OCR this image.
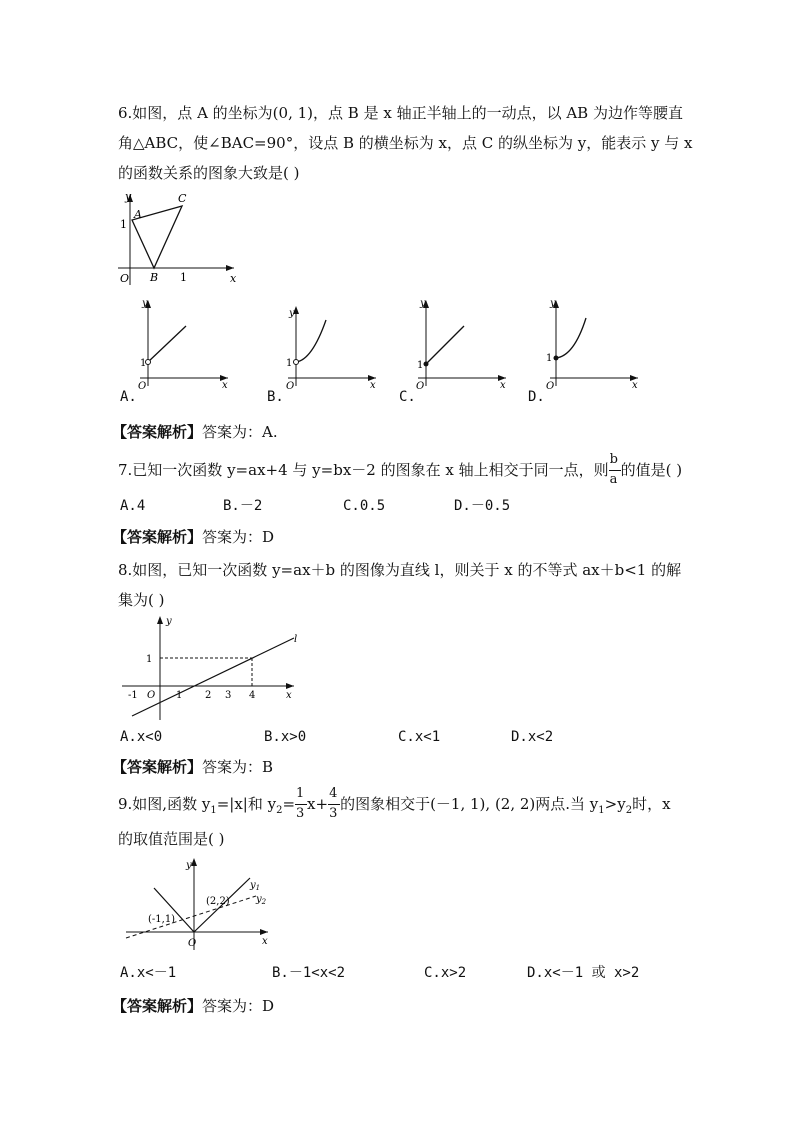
6.如图，点 A 的坐标为(0, 1)，点 B 是 x 轴正半轴上的一动点，以 AB 为边作等腰直
角△ABC，使∠BAC=90°，设点 B 的横坐标为 x，点 C 的纵坐标为 y，能表示 y 与 x
的函数关系的图象大致是( )
y
x
O
A
B
C
1
1
y
x
O
1
y
x
O
1
y
x
O
1
y
x
O
1
A.	B.	C.	D.
【答案解析】答案为：A.
7.已知一次函数 y=ax+4 与 y=bx－2 的图象在 x 轴上相交于同一点，则 $\frac{b}{a}$ 的值是( )
A.4	B.－2	C.0.5	D.－0.5
【答案解析】答案为：D
8.如图，已知一次函数 y=ax＋b 的图像为直线 l，则关于 x 的不等式 ax＋b<1 的解
集为( )
y
x
l
1
-1 O 1 2 3 4
A.x<0	B.x>0	C.x<1	D.x<2
【答案解析】答案为：B
9.如图,函数 $y_1=|x|$和 $y_2= \frac{1}{3} x+ \frac{4}{3}$ 的图象相交于(－1, 1), (2, 2)两点.当 $y_1>y_2$时，x
的取值范围是( )
y
x
O
(-1,1)
(2,2)
$y_1$
$y_2$
A.x<－1	B.－1<x<2	C.x>2	D.x<－1 或 x>2
【答案解析】答案为：D
